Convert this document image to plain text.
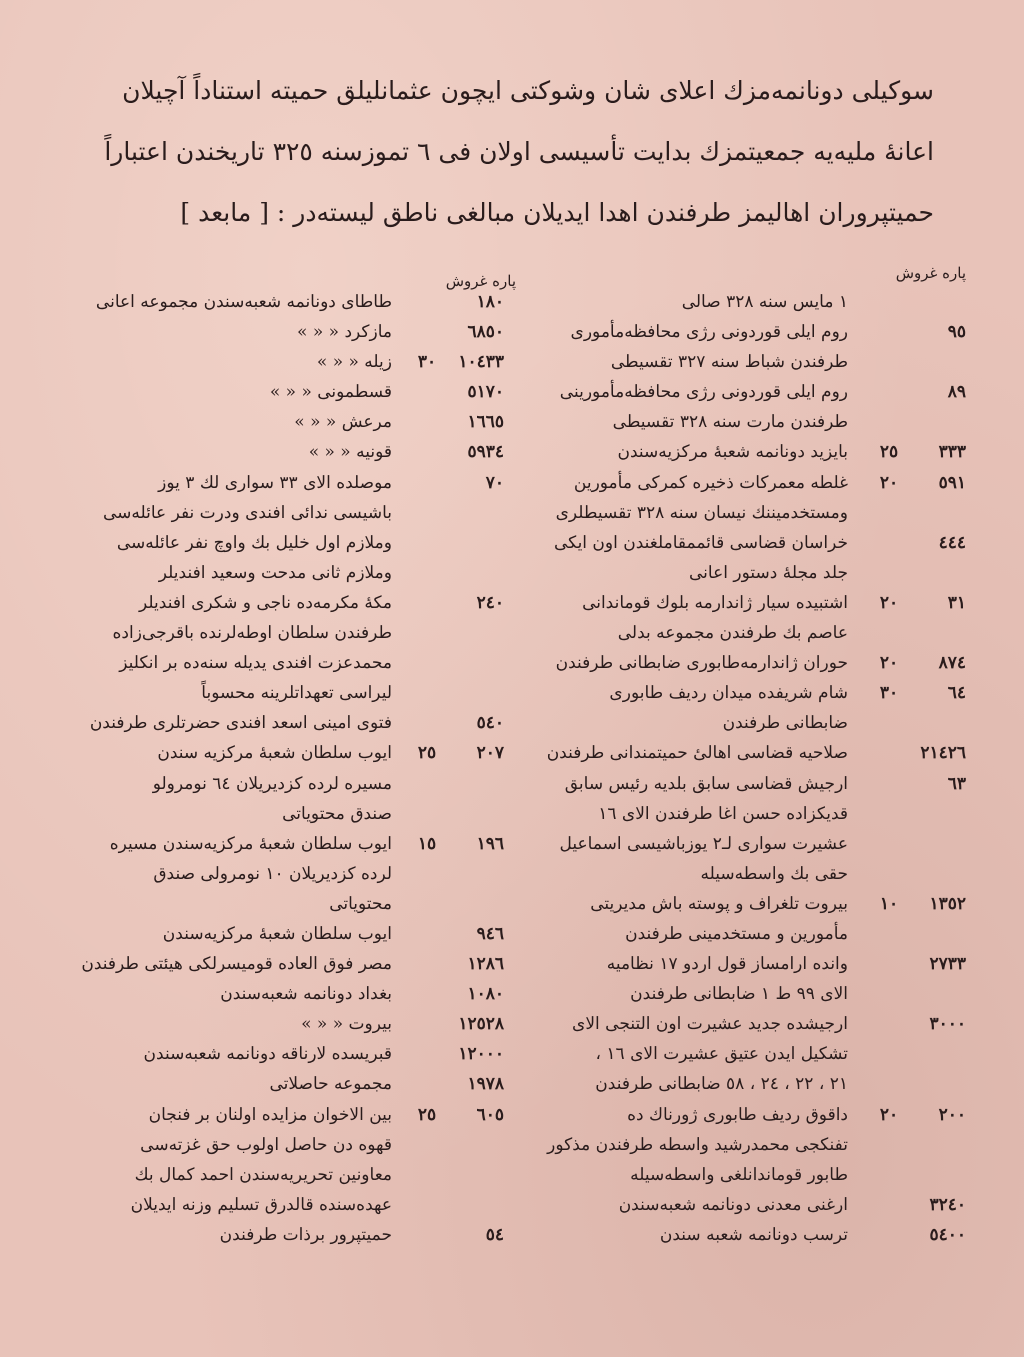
سوکیلی دونانمه‌مزك اعلای شان وشوکتی ایچون عثمانلیلق حمیته استناداً آچیلان
اعانهٔ ملیه‌یه جمعیتمزك بدایت تأسیسی اولان فی ٦ تموزسنه ٣٢٥ تاریخندن اعتباراً
حمیتپروران اهالیمز طرفندن اهدا ایدیلان مبالغی ناطق لیسته‌در : [ مابعد ]
پاره غروش
پاره غروش
١ مایس سنه ٣٢٨ صالی
٩٥
روم ایلی قوردونی رژی محافظه‌مأموری
طرفندن شباط سنه ٣٢٧ تقسیطی
٨٩
روم ایلی قوردونی رژی محافظه‌مأمورینی
طرفندن مارت سنه ٣٢٨ تقسیطی
٣٣٣
٢٥
بایزید دونانمه شعبهٔ مرکزیه‌سندن
٥٩١
٢٠
غلطه معمرکات ذخیره کمرکی مأمورین
ومستخدمیننك نیسان سنه ٣٢٨ تقسیطلری
٤٤٤
خراسان قضاسی قائممقاملغندن اون ایکی
جلد مجلهٔ دستور اعانی
٣١
٢٠
اشتبیده سیار ژاندارمه بلوك قوماندانی
عاصم بك طرفندن مجموعه بدلی
٨٧٤
٢٠
حوران ژاندارمه‌طابوری ضابطانی طرفندن
٦٤
٣٠
شام شریفده میدان ردیف طابوری
ضابطانی طرفندن
٢١٤٢٦
صلاحیه قضاسی اهالیٔ حمیتمندانی طرفندن
٦٣
ارجیش قضاسی سابق بلدیه رئیس سابق
قدیکزاده حسن اغا طرفندن الای ١٦
عشیرت سواری لـ٢ یوزباشیسی اسماعیل
حقی بك واسطه‌سیله
١٣٥٢
١٠
بیروت تلغراف و پوسته باش مدیریتی
مأمورین و مستخدمینی طرفندن
٢٧٣٣
وانده ارامساز قول اردو ١٧ نظامیه
الای ٩٩ ط ١ ضابطانی طرفندن
٣٠٠٠
ارجیشده جدید عشیرت اون التنجی الای
تشکیل ایدن عتیق عشیرت الای ١٦ ،
٢١ ، ٢٢ ، ٢٤ ، ٥٨ ضابطانی طرفندن
٢٠٠
٢٠
داقوق ردیف طابوری ژورناك ده
تفنکجی محمدرشید واسطه طرفندن مذکور
طابور قوماندانلغی واسطه‌سیله
٣٢٤٠
ارغنی معدنی دونانمه شعبه‌سندن
٥٤٠٠
ترسب دونانمه شعبه سندن
١٨٠
طاطای دونانمه شعبه‌سندن مجموعه اعانی
٦٨٥٠
مازکرد « « »
١٠٤٣٣
٣٠
زیله « « »
٥١٧٠
قسطمونی « « »
١٦٦٥
مرعش « « »
٥٩٣٤
قونیه « « »
٧٠
موصلده الای ٣٣ سواری لك ٣ یوز
باشیسی ندائی افندی ودرت نفر عائله‌سی
وملازم اول خلیل بك واوچ نفر عائله‌سی
وملازم ثانی مدحت وسعید افندیلر
٢٤٠
مکهٔ مکرمه‌ده ناجی و شکری افندیلر
طرفندن سلطان اوطه‌لرنده باقرجی‌زاده
محمدعزت افندی یدیله سنه‌ده بر انکلیز
لیراسی تعهداتلرینه محسوباً
٥٤٠
فتوی امینی اسعد افندی حضرتلری طرفندن
٢٠٧
٢٥
ایوب سلطان شعبهٔ مرکزیه سندن
مسیره لرده کزدیریلان ٦٤ نومرولو
صندق محتویاتی
١٩٦
١٥
ایوب سلطان شعبهٔ مرکزیه‌سندن مسیره‌
لرده کزدیریلان ١٠ نومرولی صندق
محتویاتی
٩٤٦
ایوب سلطان شعبهٔ مرکزیه‌سندن
١٢٨٦
مصر فوق العاده قومیسرلکی هیئتی طرفندن
١٠٨٠
بغداد دونانمه شعبه‌سندن
١٢٥٢٨
بیروت « « »
١٢٠٠٠
قبریسده لارناقه دونانمه شعبه‌سندن
١٩٧٨
مجموعه حاصلاتی
٦٠٥
٢٥
بین الاخوان مزایده اولنان بر فنجان
قهوه دن حاصل اولوب حق غزته‌سی
معاونین تحریریه‌سندن احمد کمال بك
عهده‌سنده قالدرق تسلیم وزنه ایدیلان
٥٤
حمیتپرور برذات طرفندن
